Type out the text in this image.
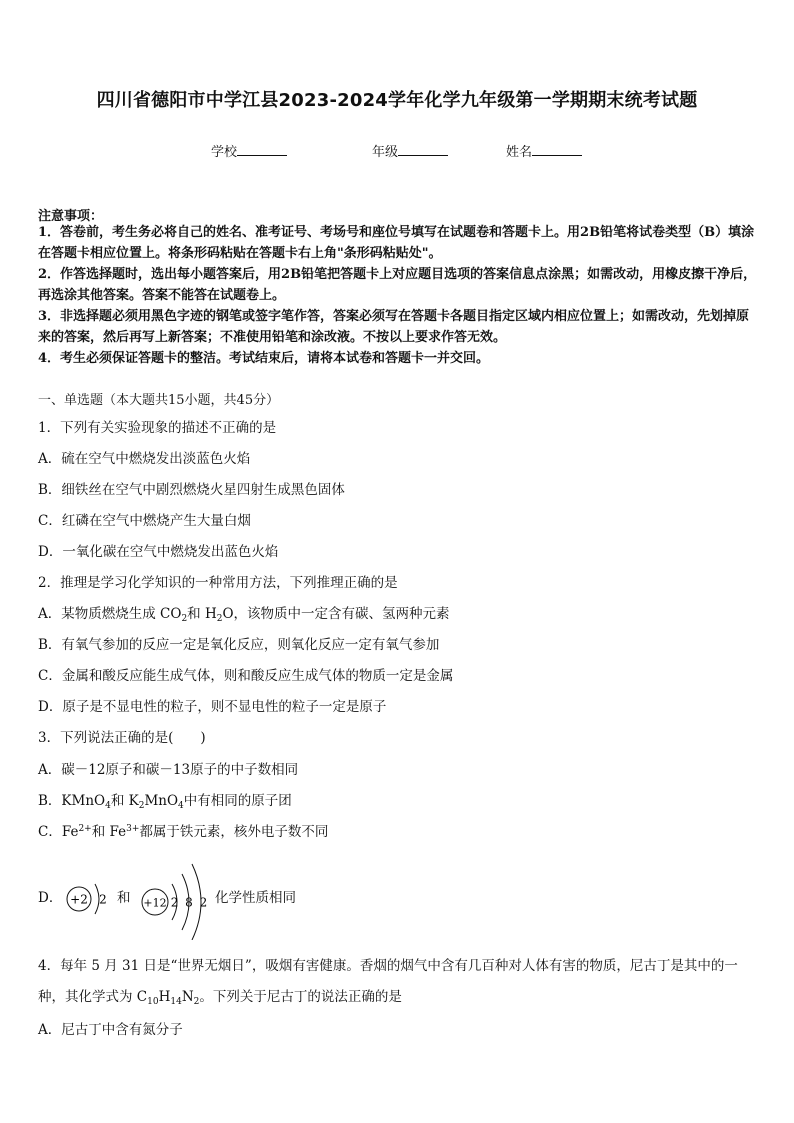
四川省德阳市中学江县2023-2024学年化学九年级第一学期期末统考试题
学校	年级	姓名
注意事项：
1．答卷前，考生务必将自己的姓名、准考证号、考场号和座位号填写在试题卷和答题卡上。用2B铅笔将试卷类型（B）填涂在答题卡相应位置上。将条形码粘贴在答题卡右上角"条形码粘贴处"。
2．作答选择题时，选出每小题答案后，用2B铅笔把答题卡上对应题目选项的答案信息点涂黑；如需改动，用橡皮擦干净后，再选涂其他答案。答案不能答在试题卷上。
3．非选择题必须用黑色字迹的钢笔或签字笔作答，答案必须写在答题卡各题目指定区域内相应位置上；如需改动，先划掉原来的答案，然后再写上新答案；不准使用铅笔和涂改液。不按以上要求作答无效。
4．考生必须保证答题卡的整洁。考试结束后，请将本试卷和答题卡一并交回。
一、单选题（本大题共15小题，共45分）
1．下列有关实验现象的描述不正确的是
A．硫在空气中燃烧发出淡蓝色火焰
B．细铁丝在空气中剧烈燃烧火星四射生成黑色固体
C．红磷在空气中燃烧产生大量白烟
D．一氧化碳在空气中燃烧发出蓝色火焰
2．推理是学习化学知识的一种常用方法，下列推理正确的是
A．某物质燃烧生成 $CO_2$和 $H_2O$，该物质中一定含有碳、氢两种元素
B．有氧气参加的反应一定是氧化反应，则氧化反应一定有氧气参加
C．金属和酸反应能生成气体，则和酸反应生成气体的物质一定是金属
D．原子是不显电性的粒子，则不显电性的粒子一定是原子
3．下列说法正确的是(　　)
A．碳－12原子和碳－13原子的中子数相同
B．KMnO$_4$和 $K_2MnO_4$中有相同的原子团
C．$Fe^{2+}$和 $Fe^{3+}$都属于铁元素，核外电子数不同
D． +2 2 和 +12 2 8 2 化学性质相同
4．每年 5 月 31 日是“世界无烟日”，吸烟有害健康。香烟的烟气中含有几百种对人体有害的物质，尼古丁是其中的一种，其化学式为 $C_{10}H_{14}N_2$。下列关于尼古丁的说法正确的是
A．尼古丁中含有氮分子
